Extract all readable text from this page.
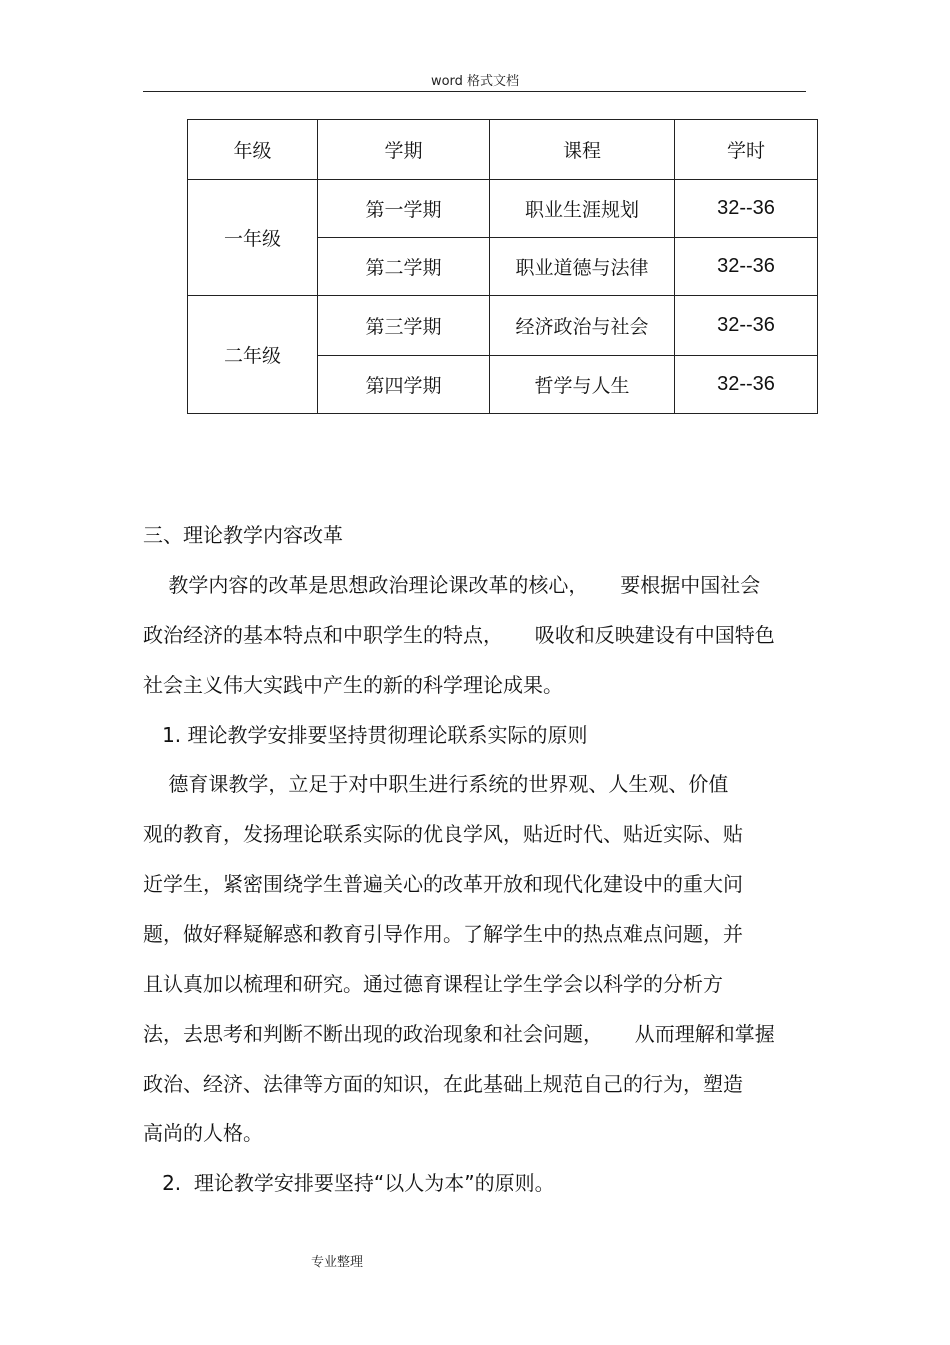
word 格式文档
年级	学期	课程	学时
一年级	第一学期	职业生涯规划	32--36
	第二学期	职业道德与法律	32--36
二年级	第三学期	经济政治与社会	32--36
	第四学期	哲学与人生	32--36
三、理论教学内容改革
教学内容的改革是思想政治理论课改革的核心，     要根据中国社会
政治经济的基本特点和中职学生的特点，     吸收和反映建设有中国特色
社会主义伟大实践中产生的新的科学理论成果。
1. 理论教学安排要坚持贯彻理论联系实际的原则
德育课教学，立足于对中职生进行系统的世界观、人生观、价值
观的教育，发扬理论联系实际的优良学风，贴近时代、贴近实际、贴
近学生，紧密围绕学生普遍关心的改革开放和现代化建设中的重大问
题，做好释疑解惑和教育引导作用。了解学生中的热点难点问题，并
且认真加以梳理和研究。通过德育课程让学生学会以科学的分析方
法，去思考和判断不断出现的政治现象和社会问题，     从而理解和掌握
政治、经济、法律等方面的知识，在此基础上规范自己的行为，塑造
高尚的人格。
2.  理论教学安排要坚持“以人为本”的原则。
专业整理
